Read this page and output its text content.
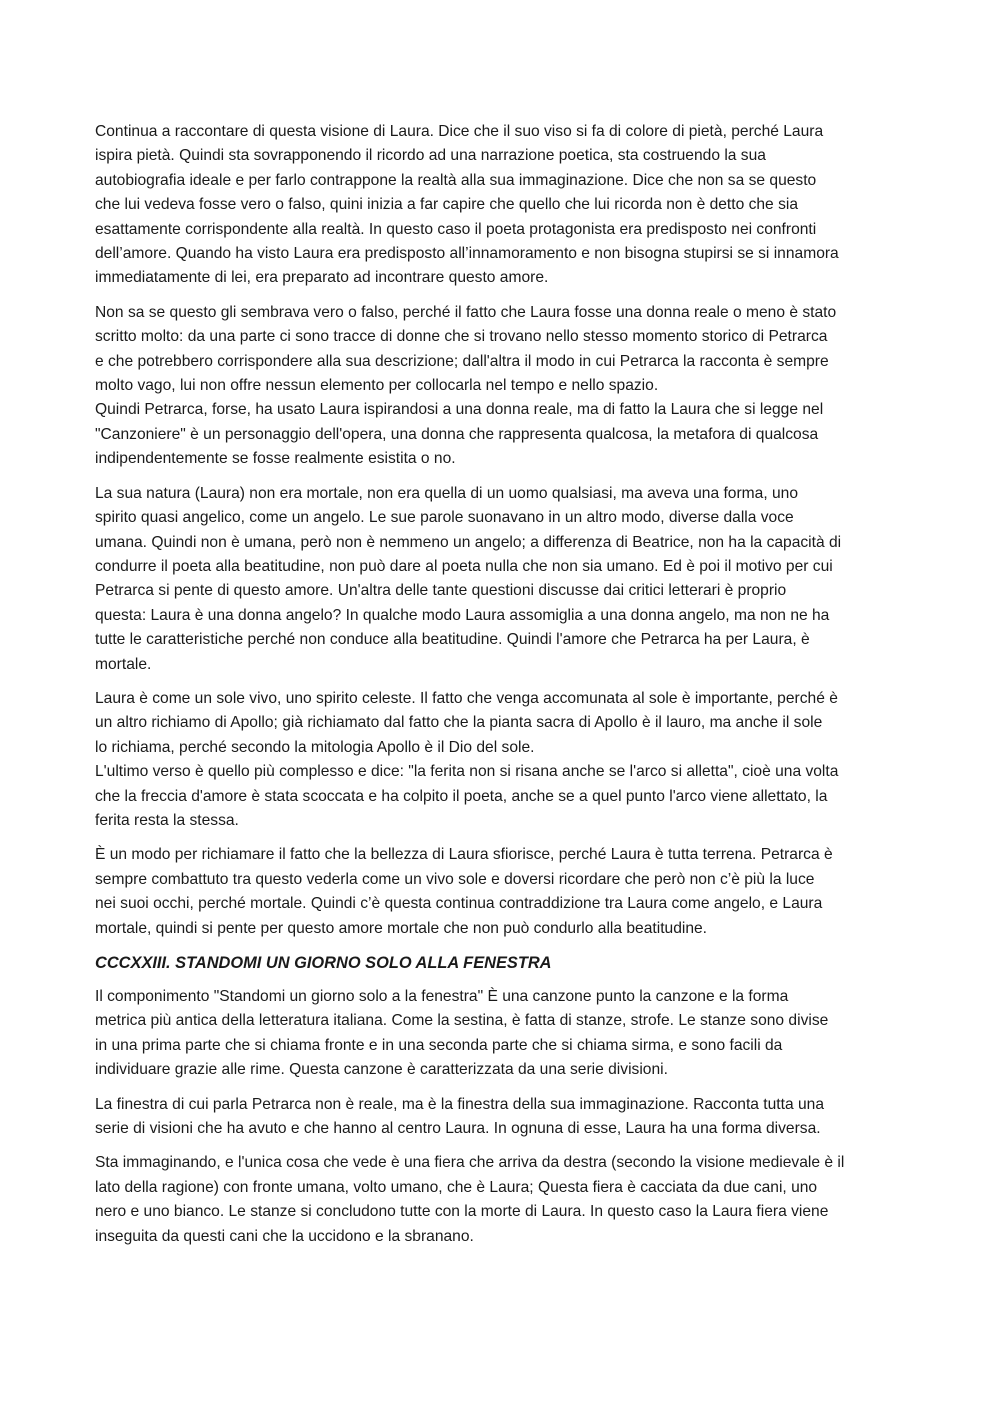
Continua a raccontare di questa visione di Laura. Dice che il suo viso si fa di colore di pietà, perché Laura
ispira pietà. Quindi sta sovrapponendo il ricordo ad una narrazione poetica, sta costruendo la sua
autobiografia ideale e per farlo contrappone la realtà alla sua immaginazione. Dice che non sa se questo
che lui vedeva fosse vero o falso, quini inizia a far capire che quello che lui ricorda non è detto che sia
esattamente corrispondente alla realtà. In questo caso il poeta protagonista era predisposto nei confronti
dell’amore. Quando ha visto Laura era predisposto all’innamoramento e non bisogna stupirsi se si innamora
immediatamente di lei, era preparato ad incontrare questo amore.
Non sa se questo gli sembrava vero o falso, perché il fatto che Laura fosse una donna reale o meno è stato
scritto molto: da una parte ci sono tracce di donne che si trovano nello stesso momento storico di Petrarca
e che potrebbero corrispondere alla sua descrizione; dall'altra il modo in cui Petrarca la racconta è sempre
molto vago, lui non offre nessun elemento per collocarla nel tempo e nello spazio.
Quindi Petrarca, forse, ha usato Laura ispirandosi a una donna reale, ma di fatto la Laura che si legge nel
"Canzoniere" è un personaggio dell'opera, una donna che rappresenta qualcosa, la metafora di qualcosa
indipendentemente se fosse realmente esistita o no.
La sua natura (Laura) non era mortale, non era quella di un uomo qualsiasi, ma aveva una forma, uno
spirito quasi angelico, come un angelo. Le sue parole suonavano in un altro modo, diverse dalla voce
umana. Quindi non è umana, però non è nemmeno un angelo; a differenza di Beatrice, non ha la capacità di
condurre il poeta alla beatitudine, non può dare al poeta nulla che non sia umano. Ed è poi il motivo per cui
Petrarca si pente di questo amore. Un'altra delle tante questioni discusse dai critici letterari è proprio
questa: Laura è una donna angelo? In qualche modo Laura assomiglia a una donna angelo, ma non ne ha
tutte le caratteristiche perché non conduce alla beatitudine. Quindi l'amore che Petrarca ha per Laura, è
mortale.
Laura è come un sole vivo, uno spirito celeste. Il fatto che venga accomunata al sole è importante, perché è
un altro richiamo di Apollo; già richiamato dal fatto che la pianta sacra di Apollo è il lauro, ma anche il sole
lo richiama, perché secondo la mitologia Apollo è il Dio del sole.
L'ultimo verso è quello più complesso e dice: "la ferita non si risana anche se l'arco si alletta", cioè una volta
che la freccia d'amore è stata scoccata e ha colpito il poeta, anche se a quel punto l'arco viene allettato, la
ferita resta la stessa.
È un modo per richiamare il fatto che la bellezza di Laura sfiorisce, perché Laura è tutta terrena. Petrarca è
sempre combattuto tra questo vederla come un vivo sole e doversi ricordare che però non c’è più la luce
nei suoi occhi, perché mortale. Quindi c’è questa continua contraddizione tra Laura come angelo, e Laura
mortale, quindi si pente per questo amore mortale che non può condurlo alla beatitudine.
CCCXXIII. STANDOMI UN GIORNO SOLO ALLA FENESTRA
Il componimento "Standomi un giorno solo a la fenestra" È una canzone punto la canzone e la forma
metrica più antica della letteratura italiana. Come la sestina, è fatta di stanze, strofe. Le stanze sono divise
in una prima parte che si chiama fronte e in una seconda parte che si chiama sirma, e sono facili da
individuare grazie alle rime. Questa canzone è caratterizzata da una serie divisioni.
La finestra di cui parla Petrarca non è reale, ma è la finestra della sua immaginazione. Racconta tutta una
serie di visioni che ha avuto e che hanno al centro Laura. In ognuna di esse, Laura ha una forma diversa.
Sta immaginando, e l'unica cosa che vede è una fiera che arriva da destra (secondo la visione medievale è il
lato della ragione) con fronte umana, volto umano, che è Laura; Questa fiera è cacciata da due cani, uno
nero e uno bianco. Le stanze si concludono tutte con la morte di Laura. In questo caso la Laura fiera viene
inseguita da questi cani che la uccidono e la sbranano.
